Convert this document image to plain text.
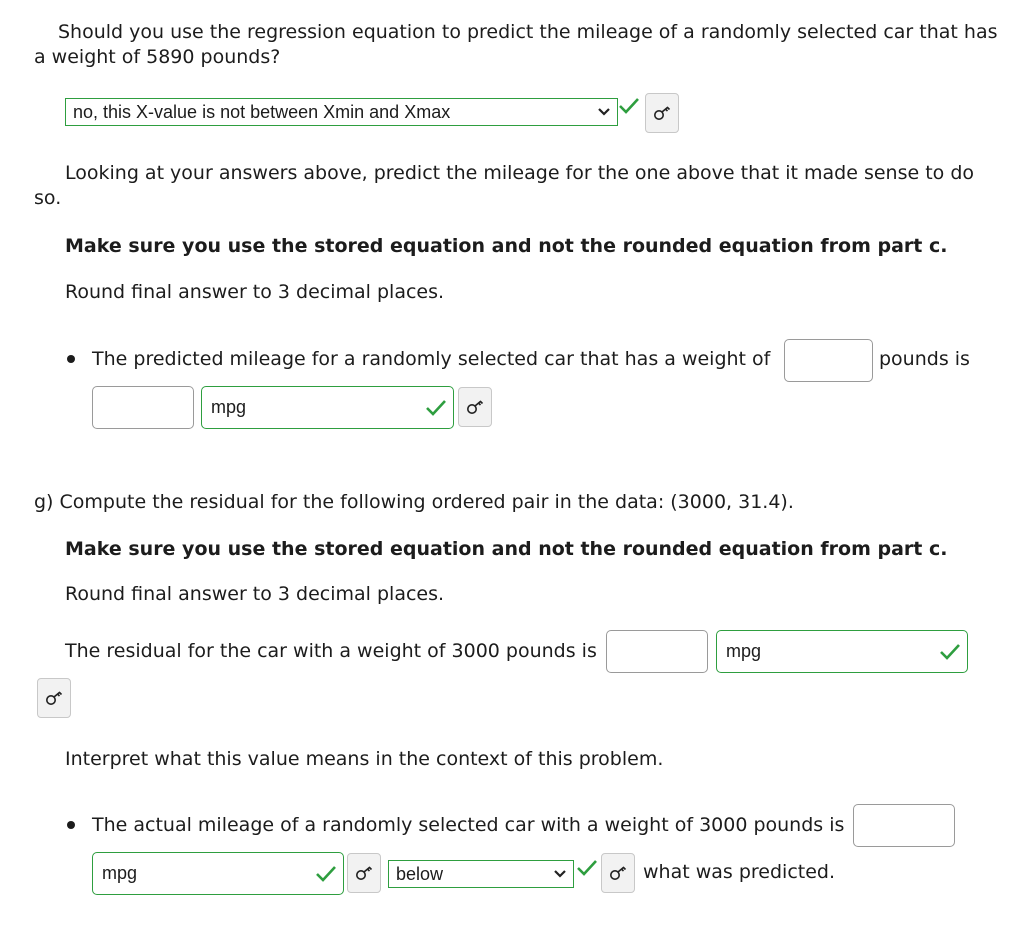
Should you use the regression equation to predict the mileage of a randomly selected car that has
a weight of 5890 pounds?
no, this X-value is not between Xmin and Xmax
Looking at your answers above, predict the mileage for the one above that it made sense to do
so.
Make sure you use the stored equation and not the rounded equation from part c.
Round final answer to 3 decimal places.
The predicted mileage for a randomly selected car that has a weight of	pounds is
mpg
g) Compute the residual for the following ordered pair in the data: (3000, 31.4).
Make sure you use the stored equation and not the rounded equation from part c.
Round final answer to 3 decimal places.
The residual for the car with a weight of 3000 pounds is	mpg
Interpret what this value means in the context of this problem.
The actual mileage of a randomly selected car with a weight of 3000 pounds is
mpg	below	what was predicted.
